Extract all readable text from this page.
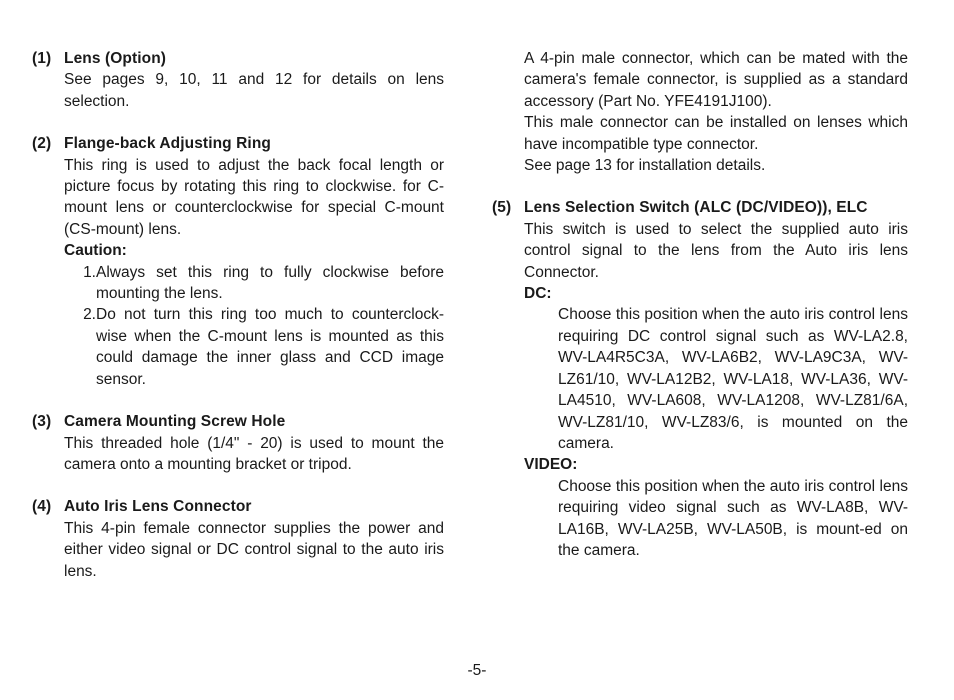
(1) Lens (Option)
See pages 9, 10, 11 and 12 for details on lens selection.
(2) Flange-back Adjusting Ring
This ring is used to adjust the back focal length or picture focus by rotating this ring to clockwise. for C-mount lens or counterclockwise for special C-mount (CS-mount) lens.
Caution:
1. Always set this ring to fully clockwise before mounting the lens.
2. Do not turn this ring too much to counterclock-wise when the C-mount lens is mounted as this could damage the inner glass and CCD image sensor.
(3) Camera Mounting Screw Hole
This threaded hole (1/4" - 20) is used to mount the camera onto a mounting bracket or tripod.
(4) Auto Iris Lens Connector
This 4-pin female connector supplies the power and either video signal or DC control signal to the auto iris lens.
A 4-pin male connector, which can be mated with the camera's female connector, is supplied as a standard accessory (Part No. YFE4191J100).
This male connector can be installed on lenses which have incompatible type connector.
See page 13 for installation details.
(5) Lens Selection Switch (ALC (DC/VIDEO)), ELC
This switch is used to select the supplied auto iris control signal to the lens from the Auto iris lens Connector.
DC:
Choose this position when the auto iris control lens requiring DC control signal such as WV-LA2.8, WV-LA4R5C3A, WV-LA6B2, WV-LA9C3A, WV-LZ61/10, WV-LA12B2, WV-LA18, WV-LA36, WV-LA4510, WV-LA608, WV-LA1208, WV-LZ81/6A, WV-LZ81/10, WV-LZ83/6, is mounted on the camera.
VIDEO:
Choose this position when the auto iris control lens requiring video signal such as WV-LA8B, WV-LA16B, WV-LA25B, WV-LA50B, is mount-ed on the camera.
-5-
